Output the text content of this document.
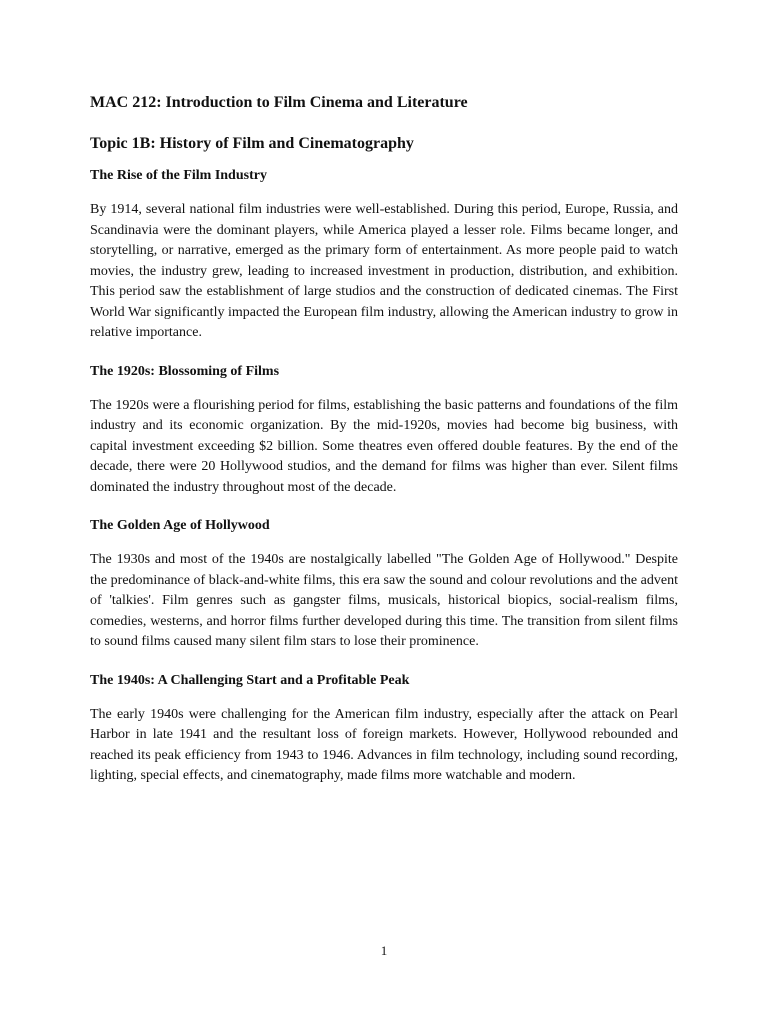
MAC 212: Introduction to Film Cinema and Literature
Topic 1B: History of Film and Cinematography
The Rise of the Film Industry

By 1914, several national film industries were well-established. During this period, Europe, Russia, and Scandinavia were the dominant players, while America played a lesser role. Films became longer, and storytelling, or narrative, emerged as the primary form of entertainment. As more people paid to watch movies, the industry grew, leading to increased investment in production, distribution, and exhibition. This period saw the establishment of large studios and the construction of dedicated cinemas. The First World War significantly impacted the European film industry, allowing the American industry to grow in relative importance.

The 1920s: Blossoming of Films

The 1920s were a flourishing period for films, establishing the basic patterns and foundations of the film industry and its economic organization. By the mid-1920s, movies had become big business, with capital investment exceeding $2 billion. Some theatres even offered double features. By the end of the decade, there were 20 Hollywood studios, and the demand for films was higher than ever. Silent films dominated the industry throughout most of the decade.

The Golden Age of Hollywood

The 1930s and most of the 1940s are nostalgically labelled "The Golden Age of Hollywood." Despite the predominance of black-and-white films, this era saw the sound and colour revolutions and the advent of 'talkies'. Film genres such as gangster films, musicals, historical biopics, social-realism films, comedies, westerns, and horror films further developed during this time. The transition from silent films to sound films caused many silent film stars to lose their prominence.

The 1940s: A Challenging Start and a Profitable Peak

The early 1940s were challenging for the American film industry, especially after the attack on Pearl Harbor in late 1941 and the resultant loss of foreign markets. However, Hollywood rebounded and reached its peak efficiency from 1943 to 1946. Advances in film technology, including sound recording, lighting, special effects, and cinematography, made films more watchable and modern.

1
